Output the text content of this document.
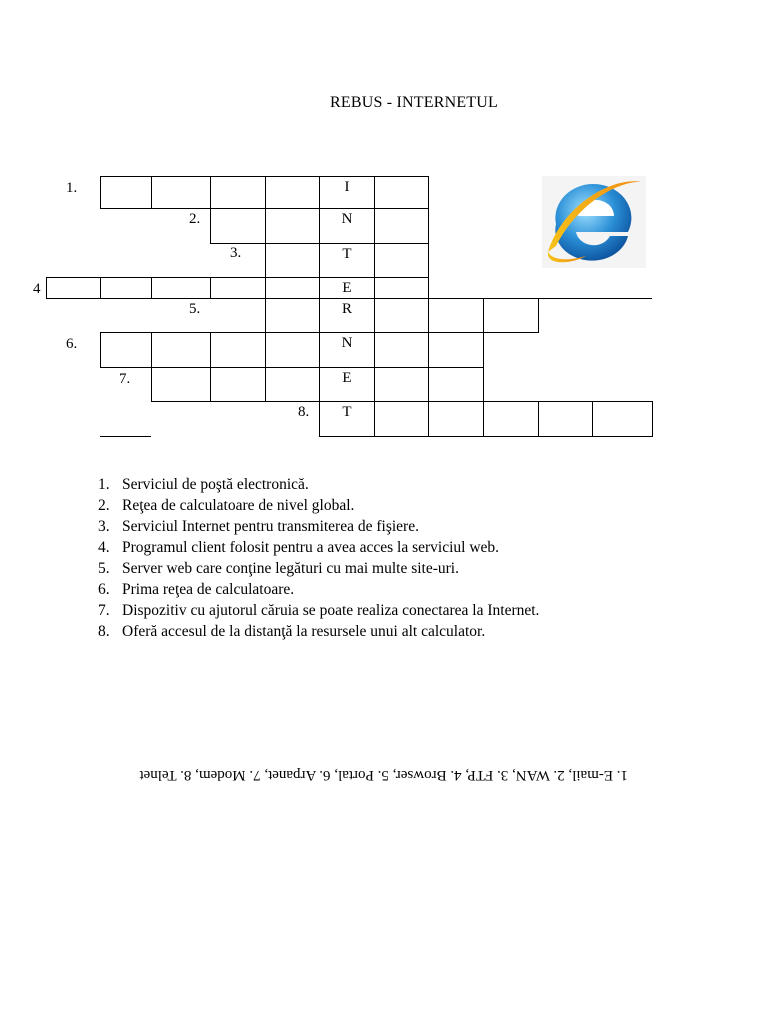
REBUS - INTERNETUL
1.	I
2.	N
3.	T
4	E
5.	R
6.	N
7.	E
8.	T
1. Serviciul de poştă electronică.
2. Reţea de calculatoare de nivel global.
3. Serviciul Internet pentru transmiterea de fişiere.
4. Programul client folosit pentru a avea acces la serviciul web.
5. Server web care conţine legături cu mai multe site-uri.
6. Prima reţea de calculatoare.
7. Dispozitiv cu ajutorul căruia se poate realiza conectarea la Internet.
8. Oferă accesul de la distanţă la resursele unui alt calculator.
1. E-mail, 2. WAN, 3. FTP, 4. Browser, 5. Portal, 6. Arpanet, 7. Modem, 8. Telnet
